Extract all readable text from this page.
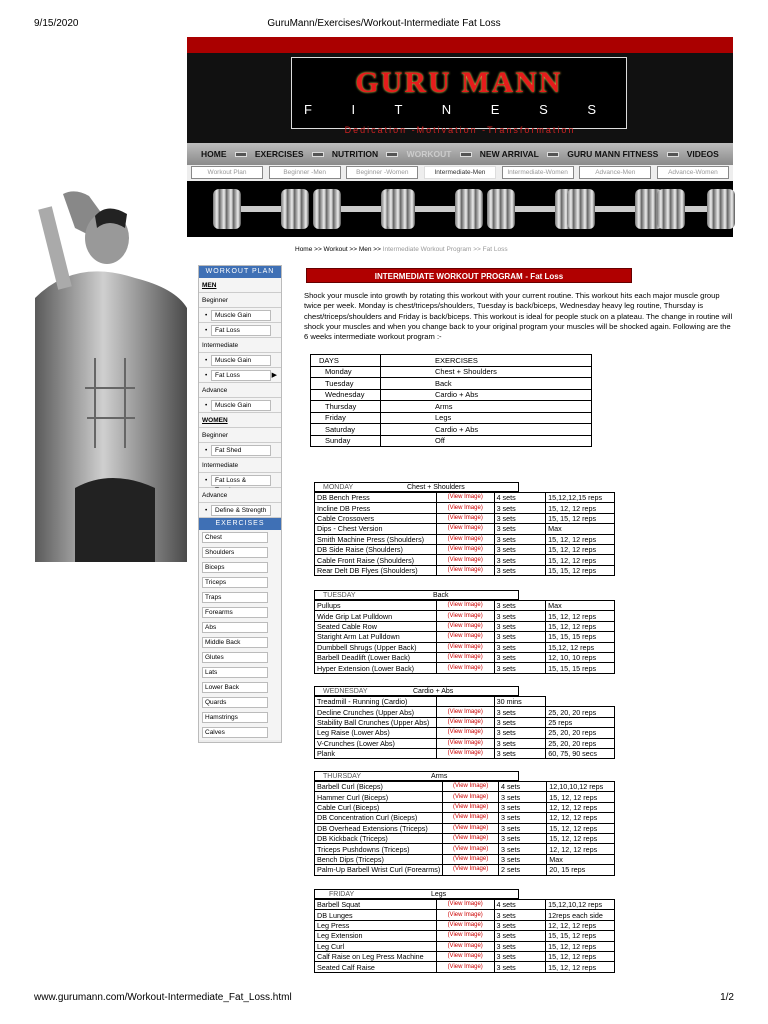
9/15/2020	GuruMann/Exercises/Workout-Intermediate Fat Loss
GURU MANN
F I T N E S S
Dedication -Motivation -Transformation
HOME	EXERCISES	NUTRITION	WORKOUT	NEW ARRIVAL	GURU MANN FITNESS	VIDEOS
Workout Plan	Beginner -Men	Beginner -Women	Intermediate-Men	Intermediate-Women	Advance-Men	Advance-Women
Home >> Workout >> Men >> Intermediate Workout Program >> Fat Loss
WORKOUT PLAN
MEN
Beginner
• Muscle Gain
• Fat Loss
Intermediate
• Muscle Gain
• Fat Loss	▶
Advance
• Muscle Gain
WOMEN
Beginner
• Fat Shed
Intermediate
• Fat Loss &
Advance
• Define & Strength
EXERCISES
Chest
Shoulders
Biceps
Triceps
Traps
Forearms
Abs
Middle Back
Glutes
Lats
Lower Back
Quards
Hamstrings
Calves
INTERMEDIATE WORKOUT PROGRAM - Fat Loss
Shock your muscle into growth by rotating this workout with your current routine. This workout hits each major muscle group twice per week. Monday is chest/triceps/shoulders, Tuesday is back/biceps, Wednesday heavy leg routine, Thursday is chest/triceps/shoulders and Friday is back/biceps. This workout is ideal for people stuck on a plateau. The change in routine will shock your muscles and when you change back to your original program your muscles will be shocked again. Following are the 6 weeks intermediate workout program :-
DAYS	EXERCISES
Monday	Chest + Shoulders
Tuesday	Back
Wednesday	Cardio + Abs
Thursday	Arms
Friday	Legs
Saturday	Cardio + Abs
Sunday	Off
MONDAY	Chest + Shoulders
DB Bench Press	(View Image)	4 sets	15,12,12,15 reps
Incline DB Press	(View Image)	3 sets	15, 12, 12 reps
Cable Crossovers	(View Image)	3 sets	15, 15, 12 reps
Dips - Chest Version	(View Image)	3 sets	Max
Smith Machine Press (Shoulders)	(View Image)	3 sets	15, 12, 12 reps
DB Side Raise (Shoulders)	(View Image)	3 sets	15, 12, 12 reps
Cable Front Raise (Shoulders)	(View Image)	3 sets	15, 12, 12 reps
Rear Delt DB Flyes (Shoulders)	(View Image)	3 sets	15, 15, 12 reps
TUESDAY	Back
Pullups	(View Image)	3 sets	Max
Wide Grip Lat Pulldown	(View Image)	3 sets	15, 12, 12 reps
Seated Cable Row	(View Image)	3 sets	15, 12, 12 reps
Staright Arm Lat Pulldown	(View Image)	3 sets	15, 15, 15 reps
Dumbbell Shrugs (Upper Back)	(View Image)	3 sets	15,12, 12 reps
Barbell Deadlift (Lower Back)	(View Image)	3 sets	12, 10, 10 reps
Hyper Extension (Lower Back)	(View Image)	3 sets	15, 15, 15 reps
WEDNESDAY	Cardio + Abs
Treadmill - Running (Cardio)		30 mins	
Decline Crunches (Upper Abs)	(View Image)	3 sets	25, 20, 20 reps
Stability Ball Crunches (Upper Abs)	(View Image)	3 sets	25 reps
Leg Raise (Lower Abs)	(View Image)	3 sets	25, 20, 20 reps
V-Crunches (Lower Abs)	(View Image)	3 sets	25, 20, 20 reps
Plank	(View Image)	3 sets	60, 75, 90 secs
THURSDAY	Arms
Barbell Curl (Biceps)	(View Image)	4 sets	12,10,10,12 reps
Hammer Curl (Biceps)	(View Image)	3 sets	15, 12, 12 reps
Cable Curl (Biceps)	(View Image)	3 sets	12, 12, 12 reps
DB Concentration Curl (Biceps)	(View Image)	3 sets	12, 12, 12 reps
DB Overhead Extensions (Triceps)	(View Image)	3 sets	15, 12, 12 reps
DB Kickback (Triceps)	(View Image)	3 sets	15, 12, 12 reps
Triceps Pushdowns (Triceps)	(View Image)	3 sets	12, 12, 12 reps
Bench Dips (Triceps)	(View Image)	3 sets	Max
Palm-Up Barbell Wrist Curl (Forearms)	(View Image)	2 sets	20, 15 reps
FRIDAY	Legs
Barbell Squat	(View Image)	4 sets	15,12,10,12 reps
DB Lunges	(View Image)	3 sets	12reps each side
Leg Press	(View Image)	3 sets	12, 12, 12 reps
Leg Extension	(View Image)	3 sets	15, 15, 12 reps
Leg Curl	(View Image)	3 sets	15, 12, 12 reps
Calf Raise on Leg Press Machine	(View Image)	3 sets	15, 12, 12 reps
Seated Calf Raise	(View Image)	3 sets	15, 12, 12 reps
www.gurumann.com/Workout-Intermediate_Fat_Loss.html	1/2
